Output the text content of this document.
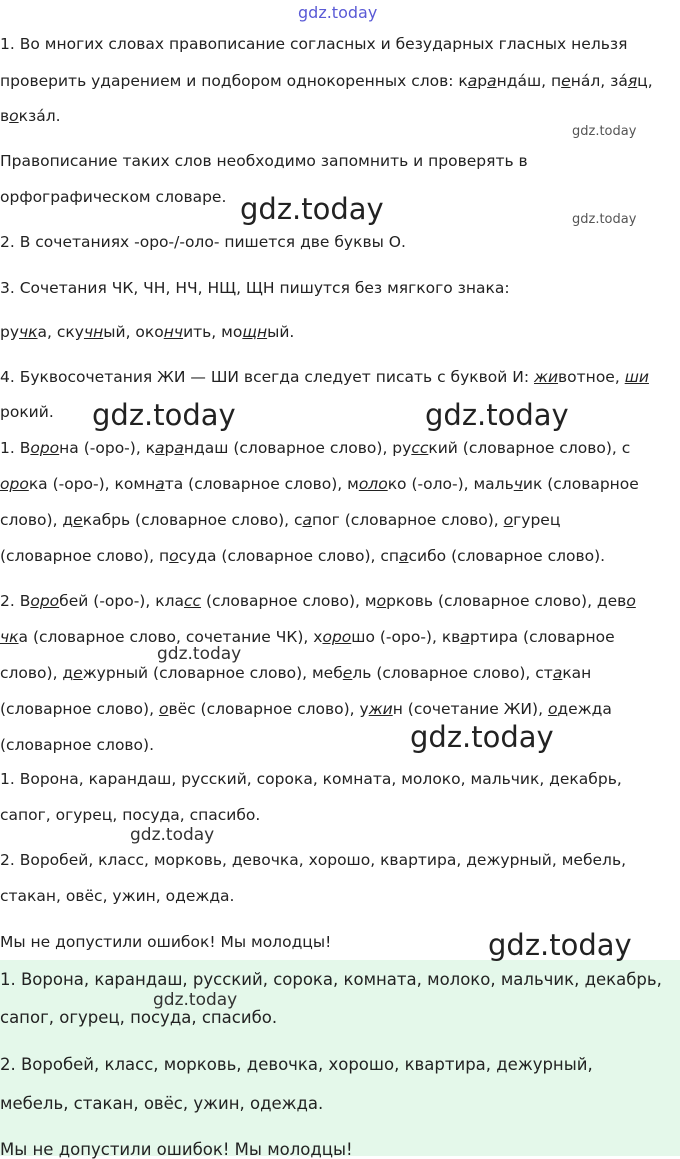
1. Во многих словах правописание согласных и безударных гласных нельзя
проверить ударением и подбором однокоренных слов: карандáш, пенáл, зáяц,
вокзáл.
Правописание таких слов необходимо запомнить и проверять в
орфографическом словаре.
2. В сочетаниях -оро-/-оло- пишется две буквы О.
3. Сочетания ЧК, ЧН, НЧ, НЩ, ЩН пишутся без мягкого знака:
ручка, скучный, окончить, мощный.
4. Буквосочетания ЖИ — ШИ всегда следует писать с буквой И: животное, ши
рокий.
1. Ворона (-оро-), карандаш (словарное слово), русский (словарное слово), с
орока (-оро-), комната (словарное слово), молоко (-оло-), мальчик (словарное
слово), декабрь (словарное слово), сапог (словарное слово), огурец
(словарное слово), посуда (словарное слово), спасибо (словарное слово).
2. Воробей (-оро-), класс (словарное слово), морковь (словарное слово), дево
чка (словарное слово, сочетание ЧК), хорошо (-оро-), квартира (словарное
слово), дежурный (словарное слово), мебель (словарное слово), стакан
(словарное слово), овёс (словарное слово), ужин (сочетание ЖИ), одежда
(словарное слово).
1. Ворона, карандаш, русский, сорока, комната, молоко, мальчик, декабрь,
сапог, огурец, посуда, спасибо.
2. Воробей, класс, морковь, девочка, хорошо, квартира, дежурный, мебель,
стакан, овёс, ужин, одежда.
Мы не допустили ошибок! Мы молодцы!
1. Ворона, карандаш, русский, сорока, комната, молоко, мальчик, декабрь,
сапог, огурец, посуда, спасибо.
2. Воробей, класс, морковь, девочка, хорошо, квартира, дежурный,
мебель, стакан, овёс, ужин, одежда.
Мы не допустили ошибок! Мы молодцы!
gdz.today
gdz.today
gdz.today	gdz.today
gdz.today	gdz.today
gdz.today
gdz.today
gdz.today
gdz.today
gdz.today
